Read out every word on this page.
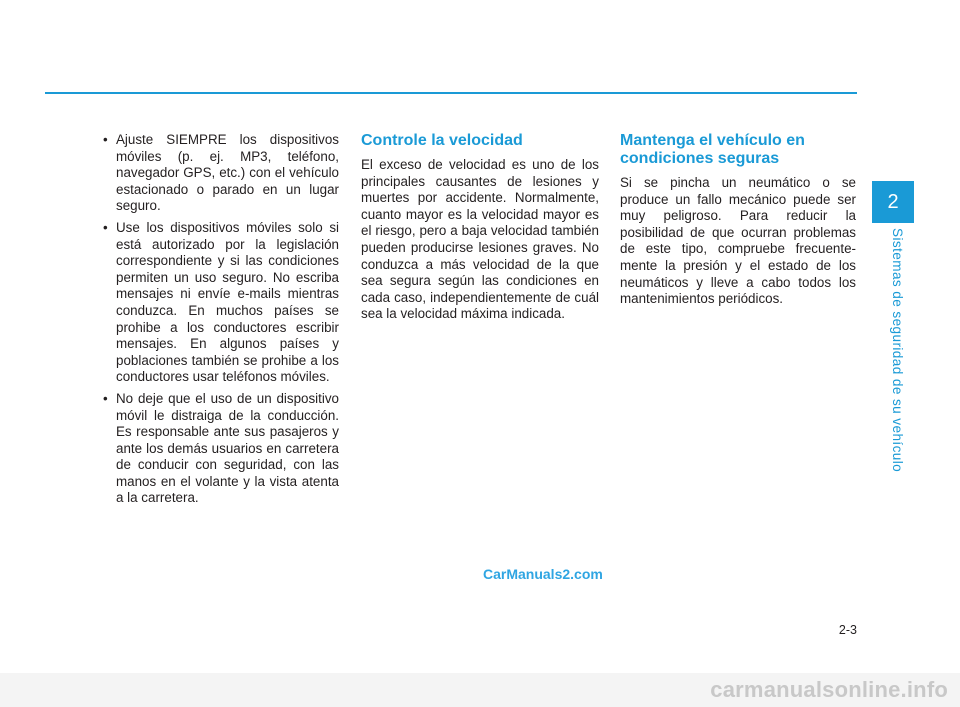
• Ajuste SIEMPRE los dispositivos móviles (p. ej. MP3, teléfono, navegador GPS, etc.) con el vehículo estacionado o parado en un lugar seguro.
• Use los dispositivos móviles solo si está autorizado por la legislación correspondiente y si las condiciones permiten un uso seguro. No escriba mensajes ni envíe e-mails mientras conduzca. En muchos países se prohibe a los conductores escribir mensajes. En algunos países y poblaciones también se prohibe a los conductores usar teléfonos móviles.
• No deje que el uso de un dispositivo móvil le distraiga de la conducción. Es responsable ante sus pasajeros y ante los demás usuarios en carretera de conducir con seguridad, con las manos en el volante y la vista atenta a la carretera.
Controle la velocidad

El exceso de velocidad es uno de los principales causantes de lesiones y muertes por accidente. Normalmente, cuanto mayor es la velocidad mayor es el riesgo, pero a baja velocidad también pueden producirse lesiones graves. No conduzca a más velocidad de la que sea segura según las condiciones en cada caso, independientemente de cuál sea la velocidad máxima indicada.

Mantenga el vehículo en condiciones seguras

Si se pincha un neumático o se produce un fallo mecánico puede ser muy peligroso. Para reducir la posibilidad de que ocurran problemas de este tipo, compruebe frecuentemente la presión y el estado de los neumáticos y lleve a cabo todos los mantenimientos periódicos.

2
Sistemas de seguridad de su vehículo
CarManuals2.com
2-3
carmanualsonline.info
